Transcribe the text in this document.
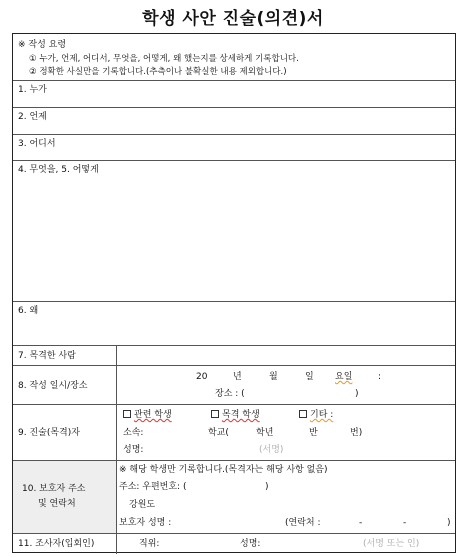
학생 사안 진술(의견)서
※ 작성 요령
① 누가, 언제, 어디서, 무엇을, 어떻게, 왜 했는지를 상세하게 기록합니다.
② 정확한 사실만을 기록합니다.(추측이나 불확실한 내용 제외합니다.)
1. 누가
2. 언제
3. 어디서
4. 무엇을, 5. 어떻게
6. 왜
7. 목격한 사람
8. 작성 일시/장소
20	년	월	일 요일	:
장소 : (	)
9. 진술(목격)자
관련 학생	목격 학생	기타 :
소속:	학교(	학년	반	번)
성명:	(서명)
10. 보호자 주소
및 연락처
※ 해당 학생만 기록합니다.(목격자는 해당 사항 없음)
주소: 우편번호: (	)
강원도
보호자 성명 :	(연락처 :	-	-	)
11. 조사자(입회인)	직위:	성명:	(서명 또는 인)
